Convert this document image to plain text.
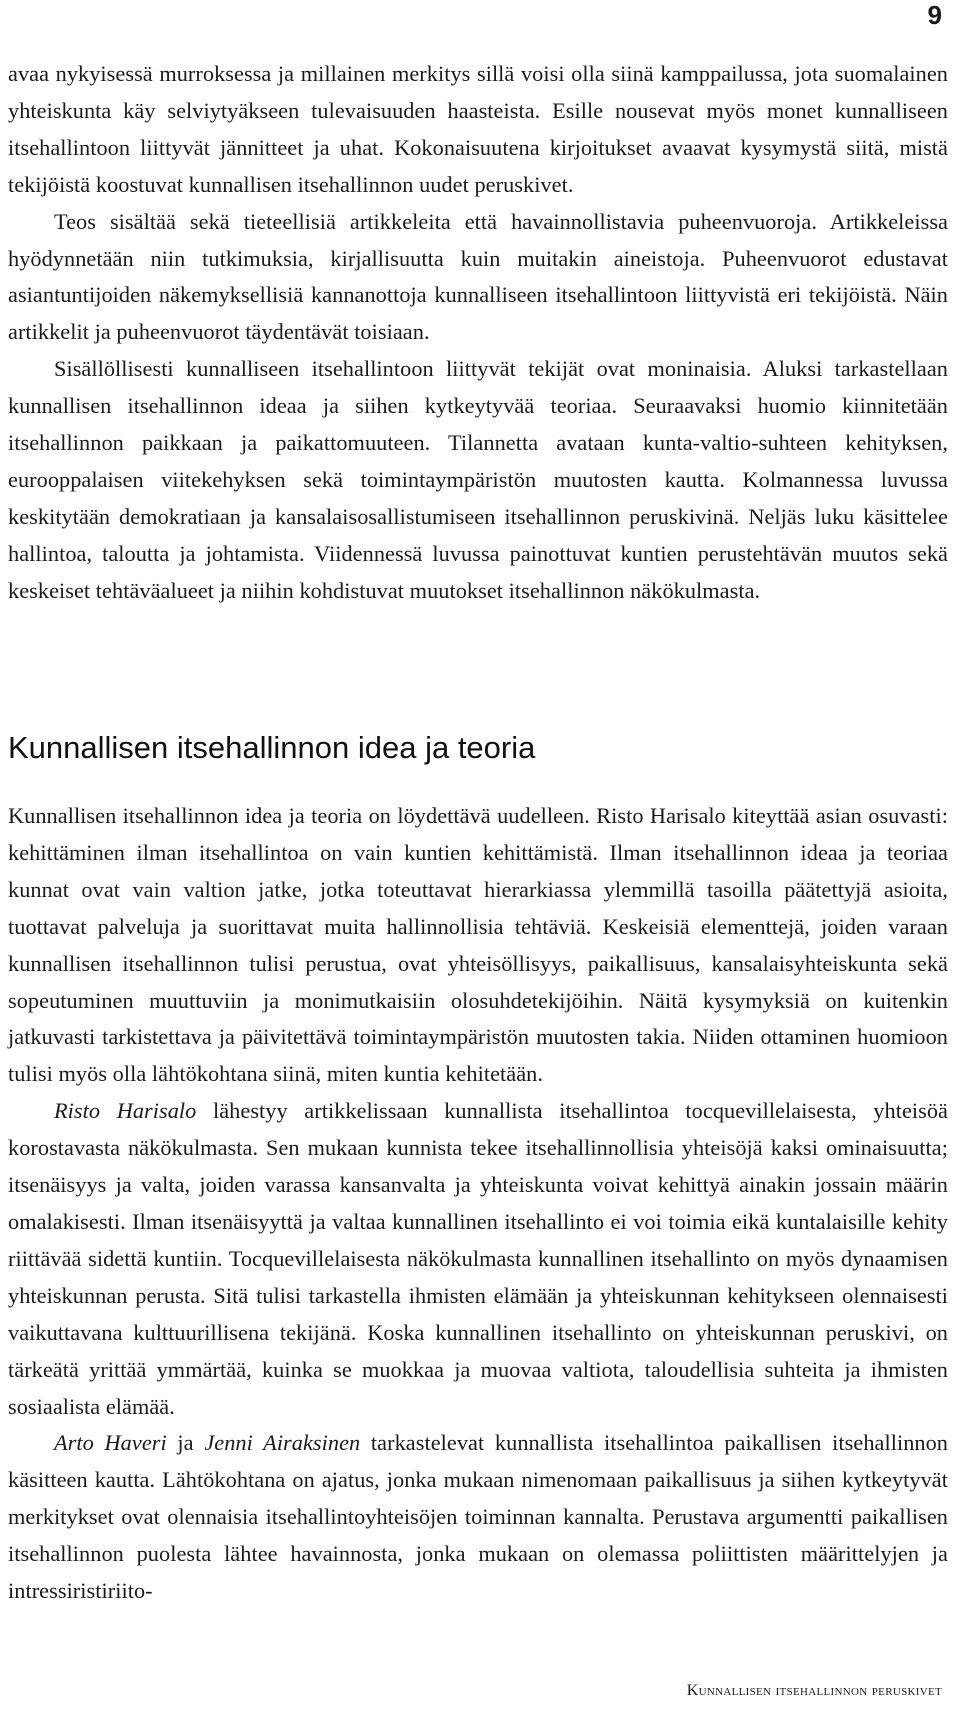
9

avaa nykyisessä murroksessa ja millainen merkitys sillä voisi olla siinä kamppailussa, jota suomalainen yhteiskunta käy selviytyäkseen tulevaisuuden haasteista. Esille nousevat myös monet kunnalliseen itsehallintoon liittyvät jännitteet ja uhat. Kokonaisuutena kirjoitukset avaavat kysymystä siitä, mistä tekijöistä koostuvat kunnallisen itsehallinnon uudet peruskivet.

Teos sisältää sekä tieteellisiä artikkeleita että havainnollistavia puheenvuoroja. Artikkeleissa hyödynnetään niin tutkimuksia, kirjallisuutta kuin muitakin aineistoja. Puheenvuorot edustavat asiantuntijoiden näkemyksellisiä kannanottoja kunnalliseen itsehallintoon liittyvistä eri tekijöistä. Näin artikkelit ja puheenvuorot täydentävät toisiaan.

Sisällöllisesti kunnalliseen itsehallintoon liittyvät tekijät ovat moninaisia. Aluksi tarkastellaan kunnallisen itsehallinnon ideaa ja siihen kytkeytyvää teoriaa. Seuraavaksi huomio kiinnitetään itsehallinnon paikkaan ja paikattomuuteen. Tilannetta avataan kunta-valtio-suhteen kehityksen, eurooppalaisen viitekehyksen sekä toimintaympäristön muutosten kautta. Kolmannessa luvussa keskitytään demokratiaan ja kansalaisosallistumiseen itsehallinnon peruskivinä. Neljäs luku käsittelee hallintoa, taloutta ja johtamista. Viidennessä luvussa painottuvat kuntien perustehtävän muutos sekä keskeiset tehtäväalueet ja niihin kohdistuvat muutokset itsehallinnon näkökulmasta.

Kunnallisen itsehallinnon idea ja teoria

Kunnallisen itsehallinnon idea ja teoria on löydettävä uudelleen. Risto Harisalo kiteyttää asian osuvasti: kehittäminen ilman itsehallintoa on vain kuntien kehittämistä. Ilman itsehallinnon ideaa ja teoriaa kunnat ovat vain valtion jatke, jotka toteuttavat hierarkiassa ylemmillä tasoilla päätettyjä asioita, tuottavat palveluja ja suorittavat muita hallinnollisia tehtäviä. Keskeisiä elementtejä, joiden varaan kunnallisen itsehallinnon tulisi perustua, ovat yhteisöllisyys, paikallisuus, kansalaisyhteiskunta sekä sopeutuminen muuttuviin ja monimutkaisiin olosuhdetekijöihin. Näitä kysymyksiä on kuitenkin jatkuvasti tarkistettava ja päivitettävä toimintaympäristön muutosten takia. Niiden ottaminen huomioon tulisi myös olla lähtökohtana siinä, miten kuntia kehitetään.

Risto Harisalo lähestyy artikkelissaan kunnallista itsehallintoa tocquevillelaisesta, yhteisöä korostavasta näkökulmasta. Sen mukaan kunnista tekee itsehallinnollisia yhteisöjä kaksi ominaisuutta; itsenäisyys ja valta, joiden varassa kansanvalta ja yhteiskunta voivat kehittyä ainakin jossain määrin omalakisesti. Ilman itsenäisyyttä ja valtaa kunnallinen itsehallinto ei voi toimia eikä kuntalaisille kehity riittävää sidettä kuntiin. Tocquevillelaisesta näkökulmasta kunnallinen itsehallinto on myös dynaamisen yhteiskunnan perusta. Sitä tulisi tarkastella ihmisten elämään ja yhteiskunnan kehitykseen olennaisesti vaikuttavana kulttuurillisena tekijänä. Koska kunnallinen itsehallinto on yhteiskunnan peruskivi, on tärkeätä yrittää ymmärtää, kuinka se muokkaa ja muovaa valtiota, taloudellisia suhteita ja ihmisten sosiaalista elämää.

Arto Haveri ja Jenni Airaksinen tarkastelevat kunnallista itsehallintoa paikallisen itsehallinnon käsitteen kautta. Lähtökohtana on ajatus, jonka mukaan nimenomaan paikallisuus ja siihen kytkeytyvät merkitykset ovat olennaisia itsehallintoyhteisöjen toiminnan kannalta. Perustava argumentti paikallisen itsehallinnon puolesta lähtee havainnosta, jonka mukaan on olemassa poliittisten määrittelyjen ja intressiristiriito-

Kunnallisen itsehallinnon peruskivet
